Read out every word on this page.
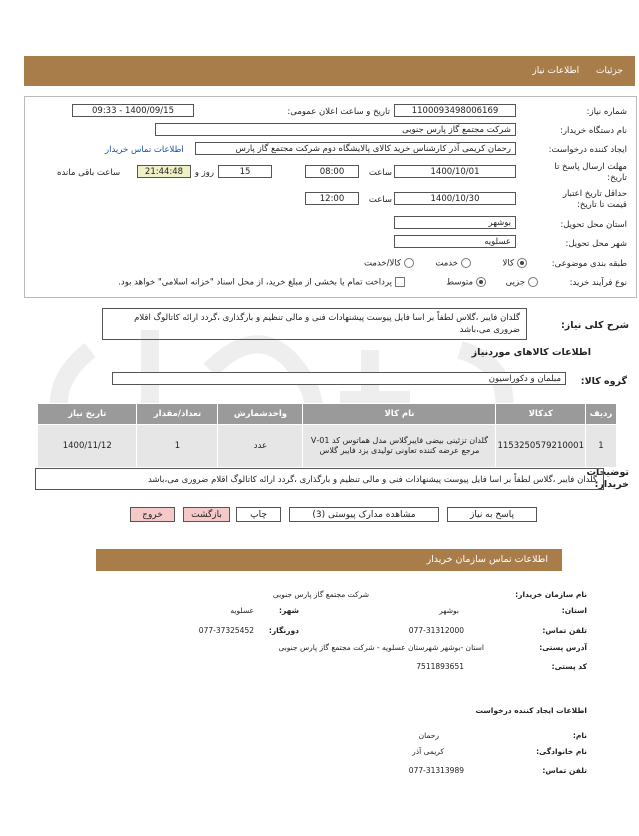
جزئیات اطلاعات نیاز
شماره نیاز:
1100093498006169
تاریخ و ساعت اعلان عمومی:
1400/09/15 - 09:33
نام دستگاه خریدار:
شرکت مجتمع گاز پارس جنوبی
ایجاد کننده درخواست:
رحمان کریمی آذر کارشناس خرید کالای پالایشگاه دوم شرکت مجتمع گاز پارس
اطلاعات تماس خریدار
مهلت ارسال پاسخ تا تاریخ:
1400/10/01
ساعت
08:00
15
روز و
21:44:48
ساعت باقی مانده
حداقل تاریخ اعتبار قیمت تا تاریخ:
1400/10/30
ساعت
12:00
استان محل تحویل:
بوشهر
شهر محل تحویل:
عسلویه
طبقه بندی موضوعی:
کالا
خدمت
کالا/خدمت
نوع فرآیند خرید:
جزیی
متوسط
پرداخت تمام یا بخشی از مبلغ خرید، از محل اسناد "خزانه اسلامی" خواهد بود.
شرح کلی نیاز:
گلدان فایبر ،گلاس لطفاً بر اسا فایل پیوست پیشنهادات فنی و مالی تنظیم و بارگذاری ،گردد ارائه کاتالوگ اقلام ضروری می،باشد
اطلاعات کالاهای موردنیاز
گروه کالا:
مبلمان و دکوراسیون
ردیف	کدکالا	نام کالا	واحدشمارش	تعداد/مقدار	تاریخ نیاز
1	1153250579210001	گلدان تزئینی بیضی فایبرگلاس مدل هماتوس کد 01-V مرجع عرضه کننده تعاونی تولیدی یزد فایبر گلاس	عدد	1	1400/11/12
توضیحات خریدار:
گلدان فایبر ،گلاس لطفاً بر اسا فایل پیوست پیشنهادات فنی و مالی تنظیم و بارگذاری ،گردد ارائه کاتالوگ اقلام ضروری می،باشد
پاسخ به نیاز
مشاهده مدارک پیوستی (3)
چاپ
بازگشت
خروج
اطلاعات تماس سازمان خریدار
نام سازمان خریدار:
شرکت مجتمع گاز پارس جنوبی
استان:
بوشهر
شهر:
عسلویه
تلفن تماس:
077-31312000
دورنگار:
077-37325452
آدرس پستی:
استان -بوشهر شهرستان عسلویه - شرکت مجتمع گاز پارس جنوبی
کد پستی:
7511893651
اطلاعات ایجاد کننده درخواست
نام:
رحمان
نام خانوادگی:
کریمی آذر
تلفن تماس:
077-31313989
